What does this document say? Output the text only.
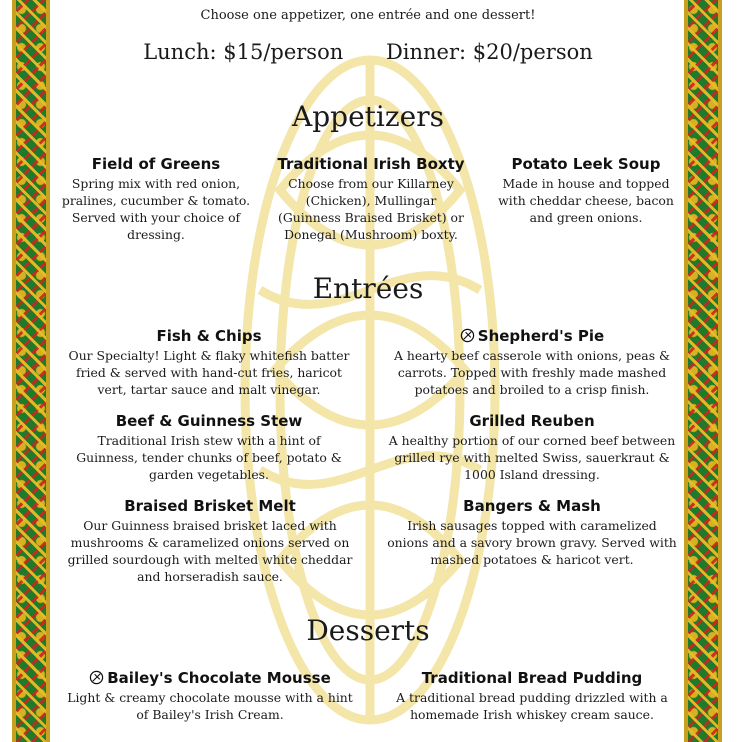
Choose one appetizer, one entrée and one dessert!
Lunch: $15/person Dinner: $20/person
Appetizers
Field of Greens

Spring mix with red onion, pralines, cucumber & tomato. Served with your choice of dressing.

Traditional Irish Boxty

Choose from our Killarney (Chicken), Mullingar (Guinness Braised Brisket) or Donegal (Mushroom) boxty.

Potato Leek Soup

Made in house and topped with cheddar cheese, bacon and green onions.

Entrées
Fish & Chips

Our Specialty! Light & flaky whitefish batter fried & served with hand-cut fries, haricot vert, tartar sauce and malt vinegar.

Shepherd's Pie

A hearty beef casserole with onions, peas & carrots. Topped with freshly made mashed potatoes and broiled to a crisp finish.

Beef & Guinness Stew

Traditional Irish stew with a hint of Guinness, tender chunks of beef, potato & garden vegetables.

Grilled Reuben

A healthy portion of our corned beef between grilled rye with melted Swiss, sauerkraut & 1000 Island dressing.

Braised Brisket Melt

Our Guinness braised brisket laced with mushrooms & caramelized onions served on grilled sourdough with melted white cheddar and horseradish sauce.

Bangers & Mash

Irish sausages topped with caramelized onions and a savory brown gravy. Served with mashed potatoes & haricot vert.

Desserts
Bailey's Chocolate Mousse

Light & creamy chocolate mousse with a hint of Bailey's Irish Cream.

Traditional Bread Pudding

A traditional bread pudding drizzled with a homemade Irish whiskey cream sauce.
